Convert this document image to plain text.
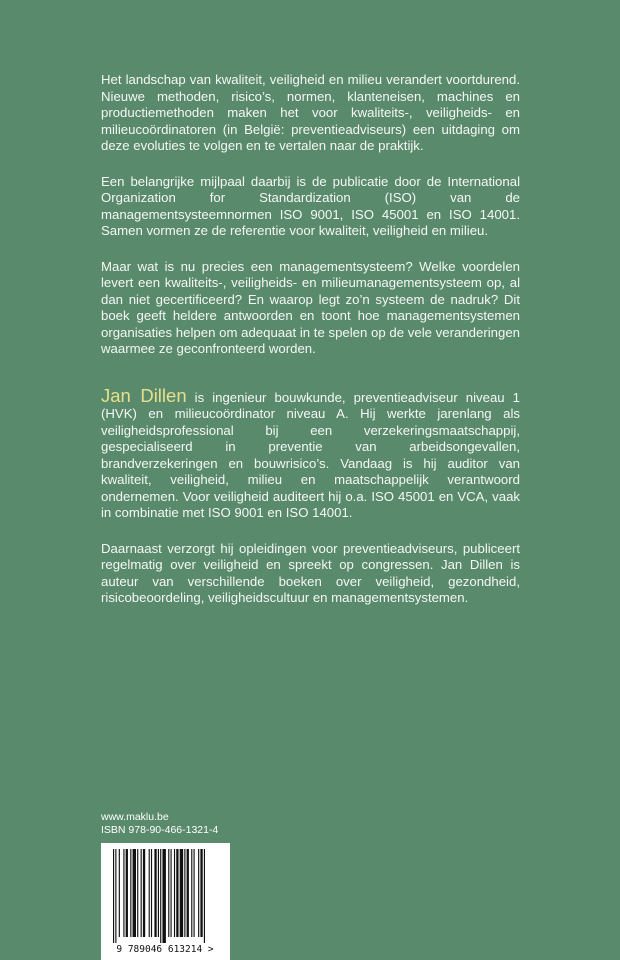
Het landschap van kwaliteit, veiligheid en milieu verandert voortdurend. Nieuwe methoden, risico’s, normen, klanteneisen, machines en productiemethoden maken het voor kwaliteits-, veiligheids- en milieucoördinatoren (in België: preventieadviseurs) een uitdaging om deze evoluties te volgen en te vertalen naar de praktijk.

Een belangrijke mijlpaal daarbij is de publicatie door de International Organization for Standardization (ISO) van de managementsysteemnormen ISO 9001, ISO 45001 en ISO 14001. Samen vormen ze de referentie voor kwaliteit, veiligheid en milieu.

Maar wat is nu precies een managementsysteem? Welke voordelen levert een kwaliteits-, veiligheids- en milieumanagementsysteem op, al dan niet gecertificeerd? En waarop legt zo’n systeem de nadruk? Dit boek geeft heldere antwoorden en toont hoe managementsystemen organisaties helpen om adequaat in te spelen op de vele veranderingen waarmee ze geconfronteerd worden.

Jan Dillen is ingenieur bouwkunde, preventieadviseur niveau 1 (HVK) en milieucoördinator niveau A. Hij werkte jarenlang als veiligheidsprofessional bij een verzekeringsmaatschappij, gespecialiseerd in preventie van arbeidsongevallen, brandverzekeringen en bouwrisico’s. Vandaag is hij auditor van kwaliteit, veiligheid, milieu en maatschappelijk verantwoord ondernemen. Voor veiligheid auditeert hij o.a. ISO 45001 en VCA, vaak in combinatie met ISO 9001 en ISO 14001.

Daarnaast verzorgt hij opleidingen voor preventieadviseurs, publiceert regelmatig over veiligheid en spreekt op congressen. Jan Dillen is auteur van verschillende boeken over veiligheid, gezondheid, risicobeoordeling, veiligheidscultuur en managementsystemen.

www.maklu.be
ISBN 978-90-466-1321-4
9 789046 613214 >
